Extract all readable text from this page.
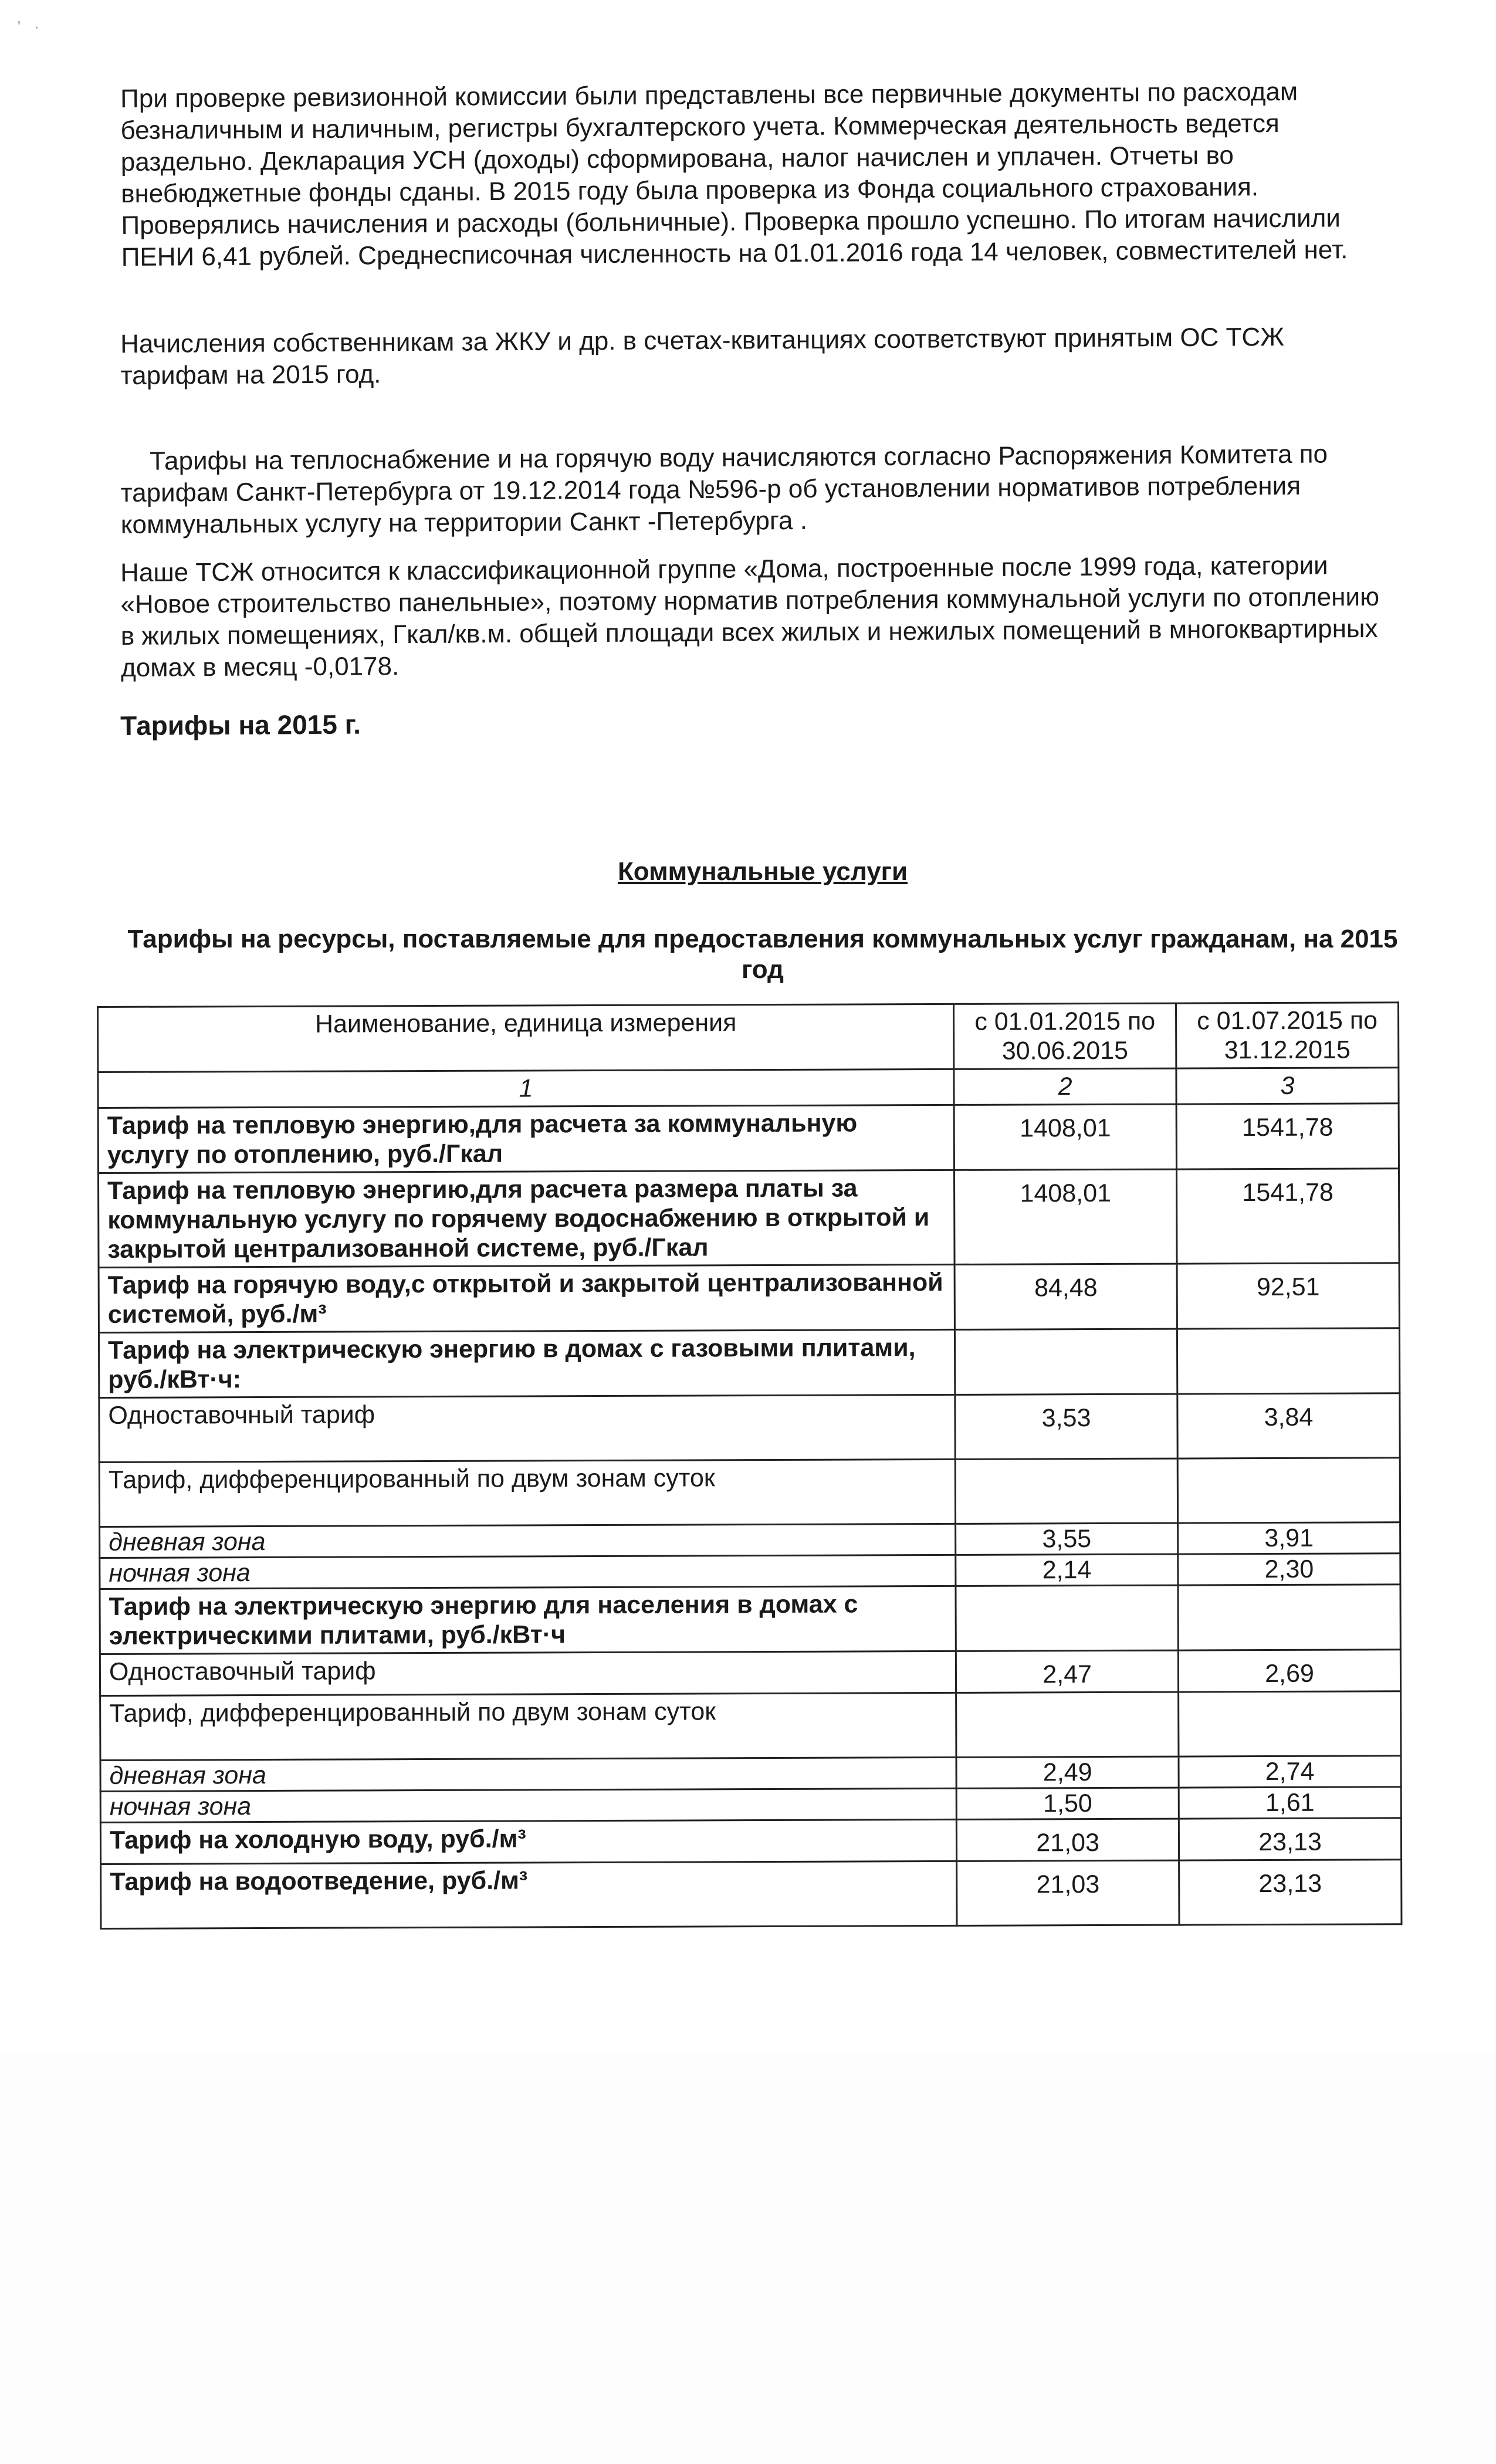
' ·

При проверке ревизионной комиссии были представлены все первичные документы по расходам безналичным и наличным, регистры бухгалтерского учета. Коммерческая деятельность ведется раздельно. Декларация УСН (доходы) сформирована, налог начислен и уплачен. Отчеты во внебюджетные фонды сданы. В 2015 году была проверка из Фонда социального страхования. Проверялись начисления и расходы (больничные). Проверка прошло успешно. По итогам начислили ПЕНИ 6,41 рублей. Среднесписочная численность на 01.01.2016 года 14 человек, совместителей нет.

Начисления собственникам за ЖКУ и др. в счетах-квитанциях соответствуют принятым ОС ТСЖ тарифам на 2015 год.

Тарифы на теплоснабжение и на горячую воду начисляются согласно Распоряжения Комитета по тарифам Санкт-Петербурга от 19.12.2014 года №596-р об установлении нормативов потребления коммунальных услугу на территории Санкт -Петербурга .

Наше ТСЖ относится к классификационной группе «Дома, построенные после 1999 года, категории «Новое строительство панельные», поэтому норматив потребления коммунальной услуги по отоплению в жилых помещениях, Гкал/кв.м. общей площади всех жилых и нежилых помещений в многоквартирных домах в месяц -0,0178.

Тарифы на 2015 г.

Коммунальные услуги

Тарифы на ресурсы, поставляемые для предоставления коммунальных услуг гражданам, на 2015 год

Наименование, единица измерения	с 01.01.2015 по 30.06.2015	с 01.07.2015 по 31.12.2015
1	2	3
Тариф на тепловую энергию,для расчета за коммунальную услугу по отоплению, руб./Гкал	1408,01	1541,78
Тариф на тепловую энергию,для расчета размера платы за коммунальную услугу по горячему водоснабжению в открытой и закрытой централизованной системе, руб./Гкал	1408,01	1541,78
Тариф на горячую воду,с открытой и закрытой централизованной системой, руб./м³	84,48	92,51
Тариф на электрическую энергию в домах с газовыми плитами, руб./кВт·ч:		
Одноставочный тариф	3,53	3,84
Тариф, дифференцированный по двум зонам суток		
дневная зона	3,55	3,91
ночная зона	2,14	2,30
Тариф на электрическую энергию для населения в домах с электрическими плитами, руб./кВт·ч		
Одноставочный тариф	2,47	2,69
Тариф, дифференцированный по двум зонам суток		
дневная зона	2,49	2,74
ночная зона	1,50	1,61
Тариф на холодную воду, руб./м³	21,03	23,13
Тариф на водоотведение, руб./м³	21,03	23,13
